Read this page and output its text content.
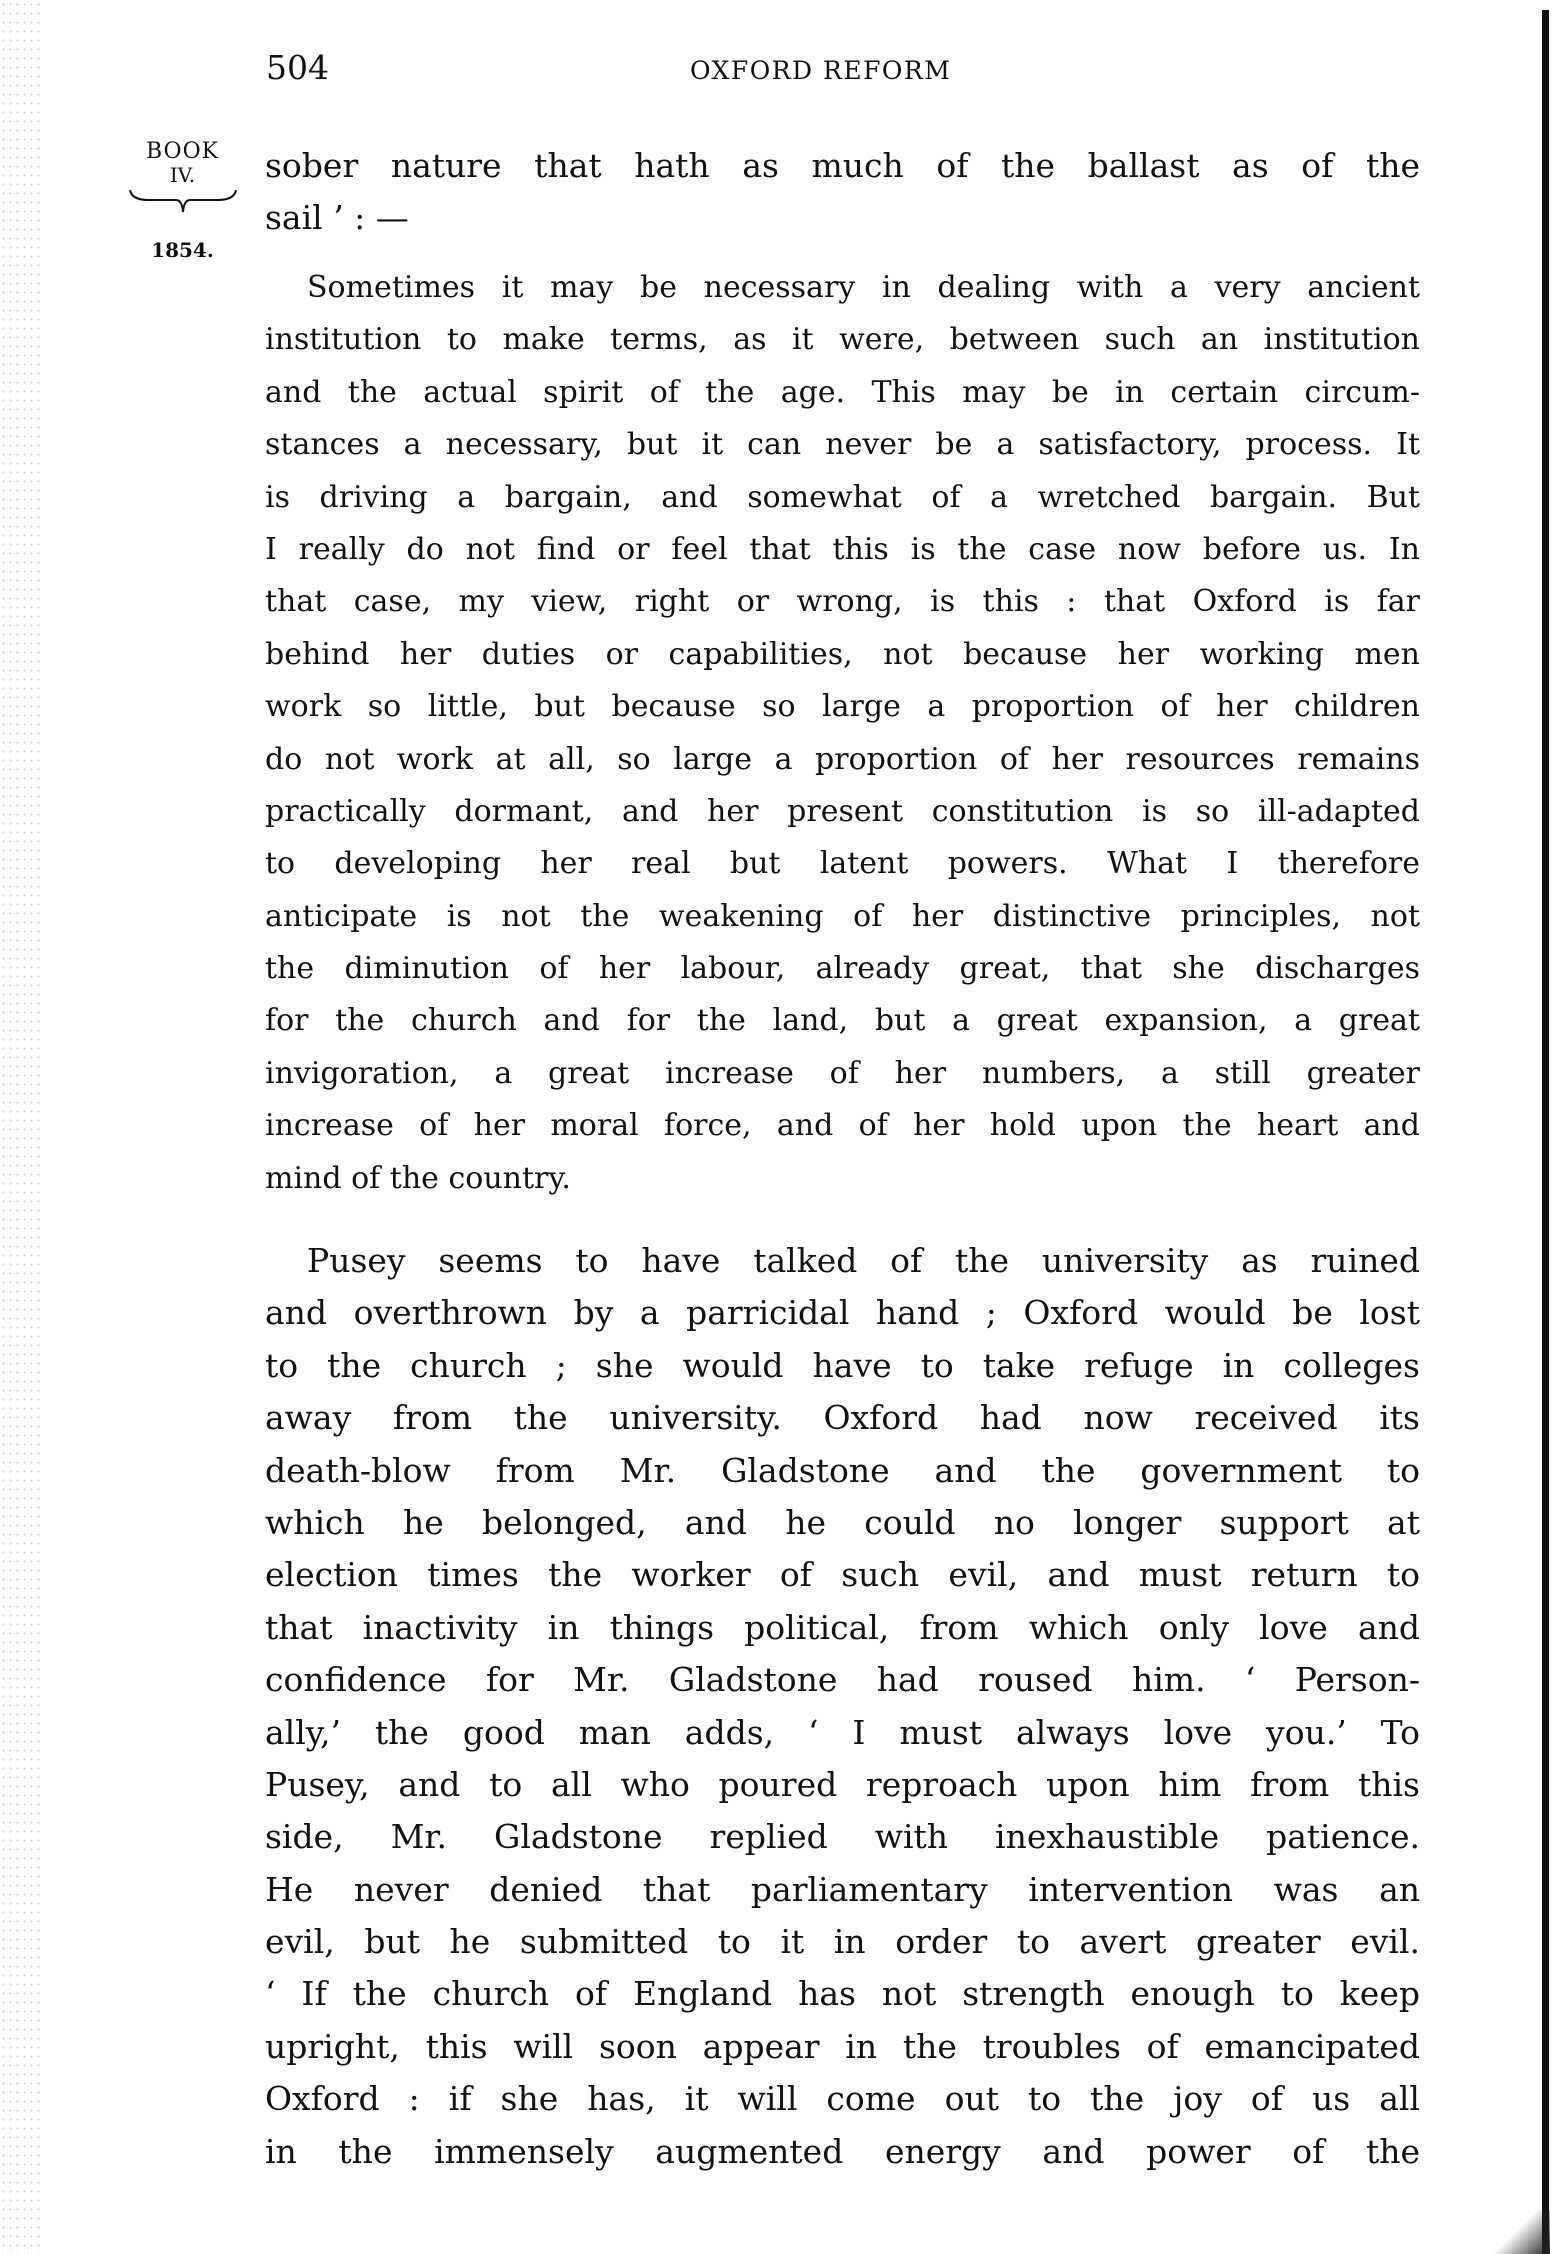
504	OXFORD REFORM
BOOK
IV.
1854.
sober nature that hath as much of the ballast as of the
sail ’ : —
Sometimes it may be necessary in dealing with a very ancient
institution to make terms, as it were, between such an institution
and the actual spirit of the age. This may be in certain circum-
stances a necessary, but it can never be a satisfactory, process. It
is driving a bargain, and somewhat of a wretched bargain. But
I really do not find or feel that this is the case now before us. In
that case, my view, right or wrong, is this : that Oxford is far
behind her duties or capabilities, not because her working men
work so little, but because so large a proportion of her children
do not work at all, so large a proportion of her resources remains
practically dormant, and her present constitution is so ill-adapted
to developing her real but latent powers. What I therefore
anticipate is not the weakening of her distinctive principles, not
the diminution of her labour, already great, that she discharges
for the church and for the land, but a great expansion, a great
invigoration, a great increase of her numbers, a still greater
increase of her moral force, and of her hold upon the heart and
mind of the country.
Pusey seems to have talked of the university as ruined
and overthrown by a parricidal hand ; Oxford would be lost
to the church ; she would have to take refuge in colleges
away from the university. Oxford had now received its
death-blow from Mr. Gladstone and the government to
which he belonged, and he could no longer support at
election times the worker of such evil, and must return to
that inactivity in things political, from which only love and
confidence for Mr. Gladstone had roused him. ‘ Person-
ally,’ the good man adds, ‘ I must always love you.’ To
Pusey, and to all who poured reproach upon him from this
side, Mr. Gladstone replied with inexhaustible patience.
He never denied that parliamentary intervention was an
evil, but he submitted to it in order to avert greater evil.
‘ If the church of England has not strength enough to keep
upright, this will soon appear in the troubles of emancipated
Oxford : if she has, it will come out to the joy of us all
in the immensely augmented energy and power of the
